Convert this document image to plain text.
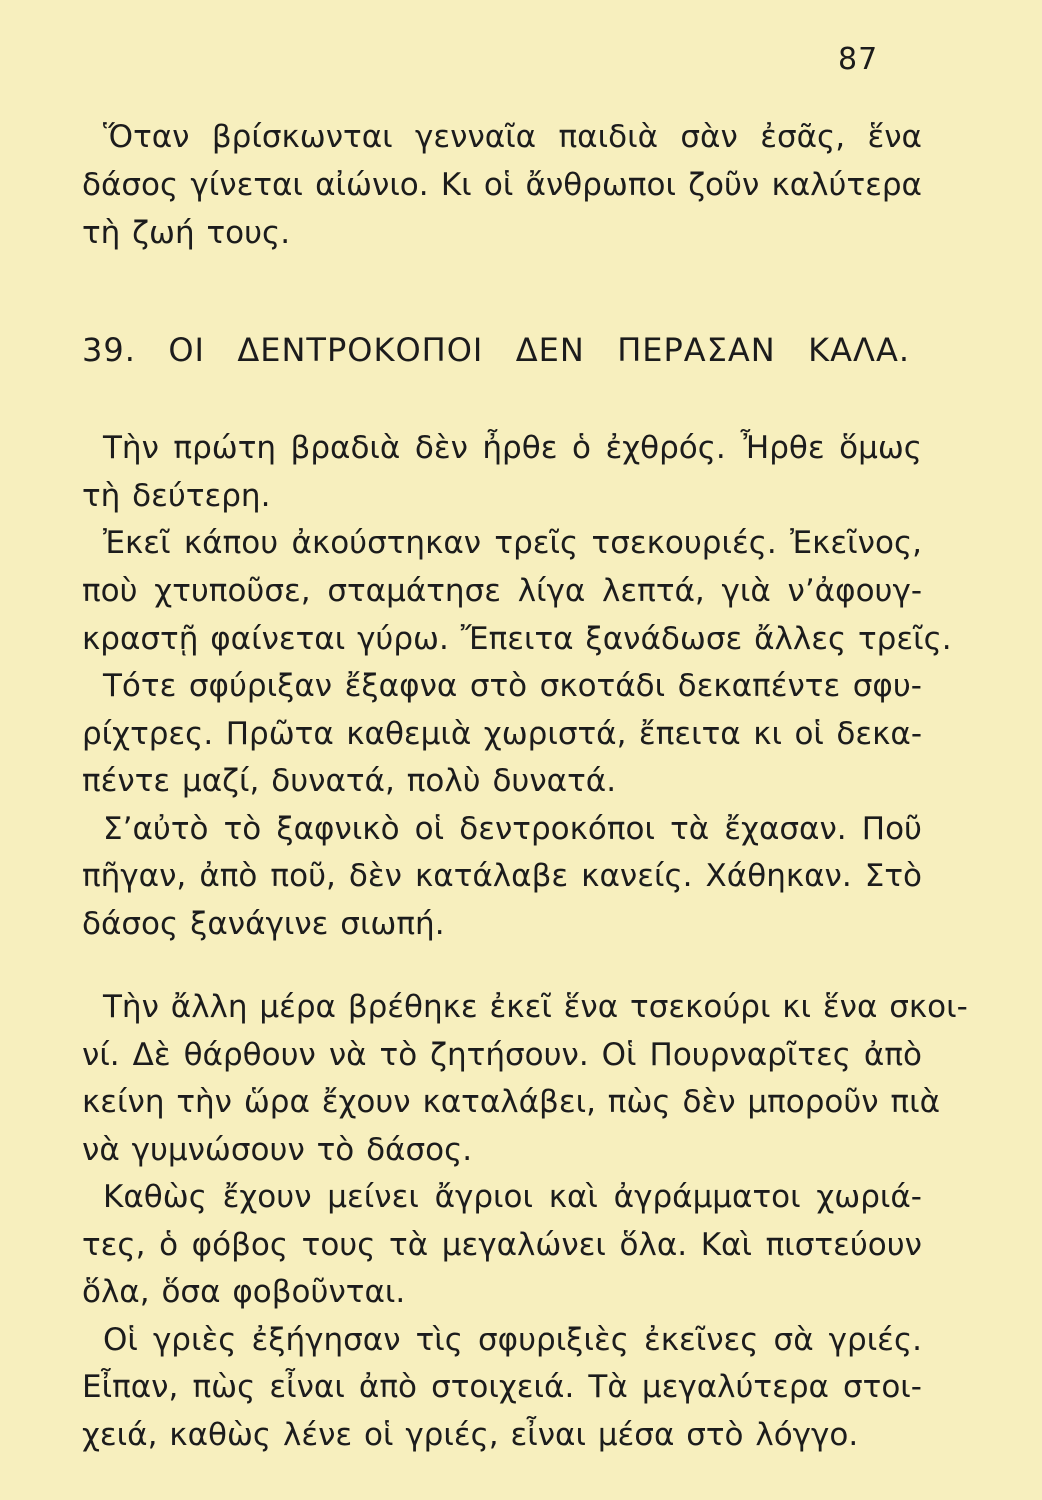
87
Ὅταν βρίσκωνται γενναῖα παιδιὰ σὰν ἐσᾶς, ἕνα
δάσος γίνεται αἰώνιο. Κι οἱ ἄνθρωποι ζοῦν καλύτερα
τὴ ζωή τους.
39. ΟΙ ΔΕΝΤΡΟΚΟΠΟΙ ΔΕΝ ΠΕΡΑΣΑΝ ΚΑΛΑ.
Τὴν πρώτη βραδιὰ δὲν ἦρθε ὁ ἐχθρός. Ἦρθε ὅμως
τὴ δεύτερη.
Ἐκεῖ κάπου ἀκούστηκαν τρεῖς τσεκουριές. Ἐκεῖνος,
ποὺ χτυποῦσε, σταμάτησε λίγα λεπτά, γιὰ ν’ἀφουγ-
κραστῇ φαίνεται γύρω. Ἔπειτα ξανάδωσε ἄλλες τρεῖς.
Τότε σφύριξαν ἔξαφνα στὸ σκοτάδι δεκαπέντε σφυ-
ρίχτρες. Πρῶτα καθεμιὰ χωριστά, ἔπειτα κι οἱ δεκα-
πέντε μαζί, δυνατά, πολὺ δυνατά.
Σ’αὐτὸ τὸ ξαφνικὸ οἱ δεντροκόποι τὰ ἔχασαν. Ποῦ
πῆγαν, ἀπὸ ποῦ, δὲν κατάλαβε κανείς. Χάθηκαν. Στὸ
δάσος ξανάγινε σιωπή.
Τὴν ἄλλη μέρα βρέθηκε ἐκεῖ ἕνα τσεκούρι κι ἕνα σκοι-
νί. Δὲ θάρθουν νὰ τὸ ζητήσουν. Οἱ Πουρναρῖτες ἀπὸ
κείνη τὴν ὥρα ἔχουν καταλάβει, πὼς δὲν μποροῦν πιὰ
νὰ γυμνώσουν τὸ δάσος.
Καθὼς ἔχουν μείνει ἄγριοι καὶ ἀγράμματοι χωριά-
τες, ὁ φόβος τους τὰ μεγαλώνει ὅλα. Καὶ πιστεύουν
ὅλα, ὅσα φοβοῦνται.
Οἱ γριὲς ἐξήγησαν τὶς σφυριξιὲς ἐκεῖνες σὰ γριές.
Εἶπαν, πὼς εἶναι ἀπὸ στοιχειά. Τὰ μεγαλύτερα στοι-
χειά, καθὼς λένε οἱ γριές, εἶναι μέσα στὸ λόγγο.
